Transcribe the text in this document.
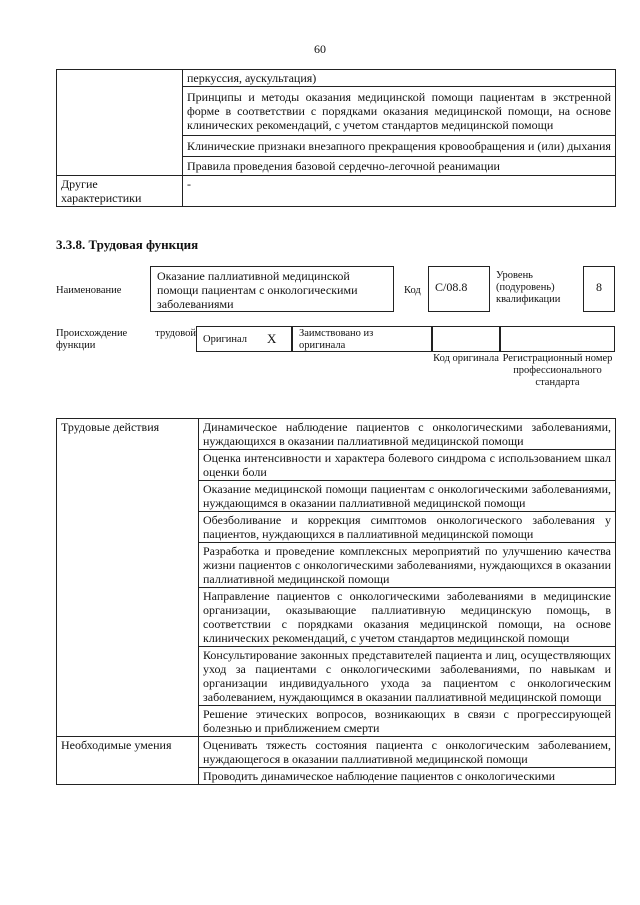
60
	перкуссия, аускультация)
	Принципы и методы оказания медицинской помощи пациентам в экстренной форме в соответствии с порядками оказания медицинской помощи, на основе клинических рекомендаций, с учетом стандартов медицинской помощи
	Клинические признаки внезапного прекращения кровообращения и (или) дыхания
	Правила проведения базовой сердечно-легочной реанимации
Другие характеристики	-
3.3.8. Трудовая функция
Наименование
Оказание паллиативной медицинской помощи пациентам с онкологическими заболеваниями
Код	C/08.8
Уровень (подуровень) квалификации
8
Происхождение трудовой функции
Оригинал X Заимствовано из оригинала
Код оригинала Регистрационный номер профессионального стандарта
Трудовые действия	Динамическое наблюдение пациентов с онкологическими заболеваниями, нуждающихся в оказании паллиативной медицинской помощи
	Оценка интенсивности и характера болевого синдрома с использованием шкал оценки боли
	Оказание медицинской помощи пациентам с онкологическими заболеваниями, нуждающимся в оказании паллиативной медицинской помощи
	Обезболивание и коррекция симптомов онкологического заболевания у пациентов, нуждающихся в паллиативной медицинской помощи
	Разработка и проведение комплексных мероприятий по улучшению качества жизни пациентов с онкологическими заболеваниями, нуждающихся в оказании паллиативной медицинской помощи
	Направление пациентов с онкологическими заболеваниями в медицинские организации, оказывающие паллиативную медицинскую помощь, в соответствии с порядками оказания медицинской помощи, на основе клинических рекомендаций, с учетом стандартов медицинской помощи
	Консультирование законных представителей пациента и лиц, осуществляющих уход за пациентами с онкологическими заболеваниями, по навыкам и организации индивидуального ухода за пациентом с онкологическим заболеванием, нуждающимся в оказании паллиативной медицинской помощи
	Решение этических вопросов, возникающих в связи с прогрессирующей болезнью и приближением смерти
Необходимые умения	Оценивать тяжесть состояния пациента с онкологическим заболеванием, нуждающегося в оказании паллиативной медицинской помощи
	Проводить динамическое наблюдение пациентов с онкологическими
